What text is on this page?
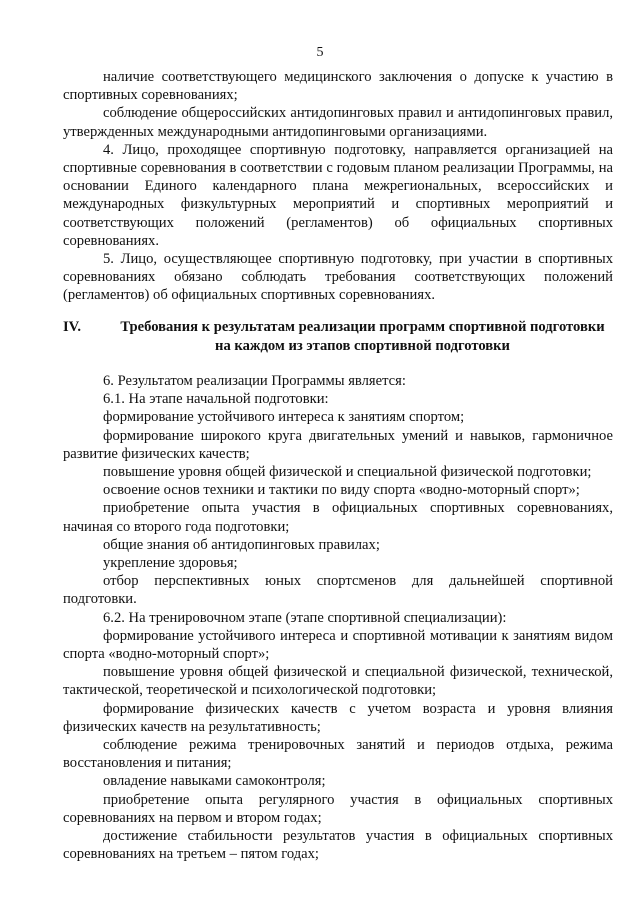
5

наличие соответствующего медицинского заключения о допуске к участию в спортивных соревнованиях;

соблюдение общероссийских антидопинговых правил и антидопинговых правил, утвержденных международными антидопинговыми организациями.

4. Лицо, проходящее спортивную подготовку, направляется организацией на спортивные соревнования в соответствии с годовым планом реализации Программы, на основании Единого календарного плана межрегиональных, всероссийских и международных физкультурных мероприятий и спортивных мероприятий и соответствующих положений (регламентов) об официальных спортивных соревнованиях.

5. Лицо, осуществляющее спортивную подготовку, при участии в спортивных соревнованиях обязано соблюдать требования соответствующих положений (регламентов) об официальных спортивных соревнованиях.

IV.	Требования к результатам реализации программ спортивной подготовки
на каждом из этапов спортивной подготовки

6. Результатом реализации Программы является:

6.1. На этапе начальной подготовки:

формирование устойчивого интереса к занятиям спортом;

формирование широкого круга двигательных умений и навыков, гармоничное развитие физических качеств;

повышение уровня общей физической и специальной физической подготовки;

освоение основ техники и тактики по виду спорта «водно-моторный спорт»;

приобретение опыта участия в официальных спортивных соревнованиях, начиная со второго года подготовки;

общие знания об антидопинговых правилах;

укрепление здоровья;

отбор перспективных юных спортсменов для дальнейшей спортивной подготовки.

6.2. На тренировочном этапе (этапе спортивной специализации):

формирование устойчивого интереса и спортивной мотивации к занятиям видом спорта «водно-моторный спорт»;

повышение уровня общей физической и специальной физической, технической, тактической, теоретической и психологической подготовки;

формирование физических качеств с учетом возраста и уровня влияния физических качеств на результативность;

соблюдение режима тренировочных занятий и периодов отдыха, режима восстановления и питания;

овладение навыками самоконтроля;

приобретение опыта регулярного участия в официальных спортивных соревнованиях на первом и втором годах;

достижение стабильности результатов участия в официальных спортивных соревнованиях на третьем – пятом годах;
